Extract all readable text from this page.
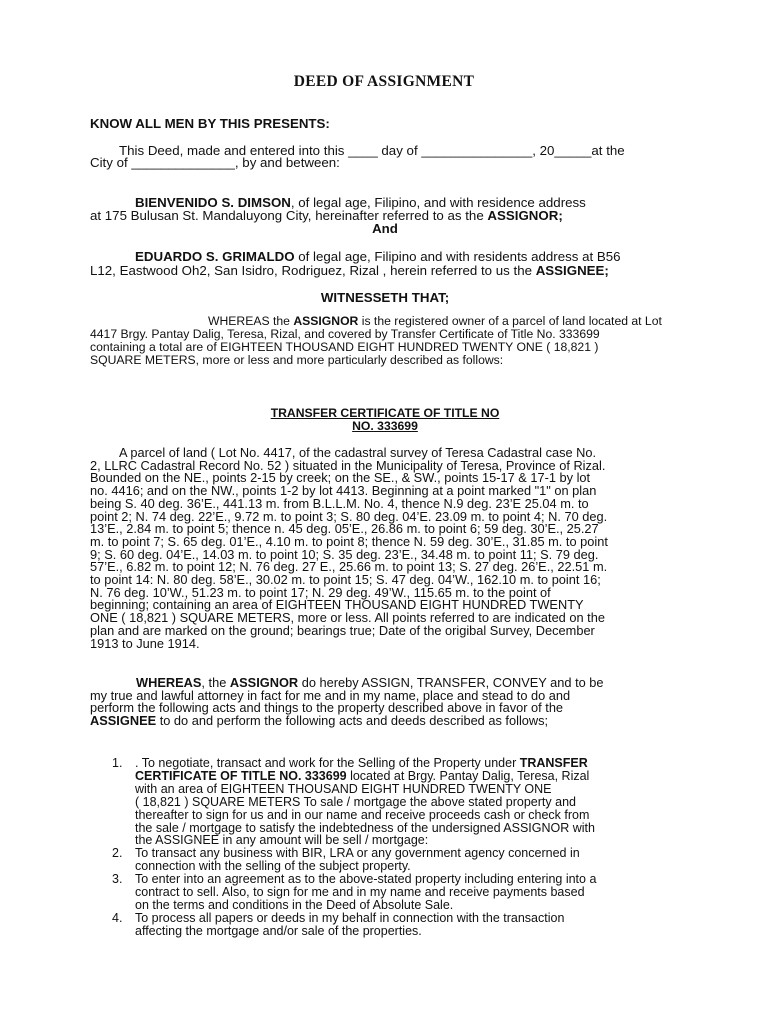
DEED OF ASSIGNMENT
KNOW ALL MEN BY THIS PRESENTS:
This Deed, made and entered into this ____ day of _______________, 20_____at the
City of ______________, by and between:
BIENVENIDO S. DIMSON, of legal age, Filipino, and with residence address
at 175 Bulusan St. Mandaluyong City, hereinafter referred to as the ASSIGNOR;
And
EDUARDO S. GRIMALDO of legal age, Filipino and with residents address at B56
L12, Eastwood Oh2, San Isidro, Rodriguez, Rizal , herein referred to us the ASSIGNEE;
WITNESSETH THAT;
WHEREAS the ASSIGNOR is the registered owner of a parcel of land located at Lot
4417 Brgy. Pantay Dalig, Teresa, Rizal, and covered by Transfer Certificate of Title No. 333699
containing a total are of EIGHTEEN THOUSAND EIGHT HUNDRED TWENTY ONE ( 18,821 )
SQUARE METERS, more or less and more particularly described as follows:
TRANSFER CERTIFICATE OF TITLE NO
NO. 333699
A parcel of land ( Lot No. 4417, of the cadastral survey of Teresa Cadastral case No.
2, LLRC Cadastral Record No. 52 ) situated in the Municipality of Teresa, Province of Rizal.
Bounded on the NE., points 2-15 by creek; on the SE., & SW., points 15-17 & 17-1 by lot
no. 4416; and on the NW., points 1-2 by lot 4413. Beginning at a point marked "1" on plan
being S. 40 deg. 36’E., 441.13 m. from B.L.L.M. No. 4, thence N.9 deg. 23’E 25.04 m. to
point 2; N. 74 deg. 22’E., 9.72 m. to point 3; S. 80 deg. 04’E. 23.09 m. to point 4; N. 70 deg.
13’E., 2.84 m. to point 5; thence n. 45 deg. 05’E., 26.86 m. to point 6; 59 deg. 30’E., 25.27
m. to point 7; S. 65 deg. 01’E., 4.10 m. to point 8; thence N. 59 deg. 30’E., 31.85 m. to point
9; S. 60 deg. 04’E., 14.03 m. to point 10; S. 35 deg. 23’E., 34.48 m. to point 11; S. 79 deg.
57’E., 6.82 m. to point 12; N. 76 deg. 27 E., 25.66 m. to point 13; S. 27 deg. 26’E., 22.51 m.
to point 14: N. 80 deg. 58’E., 30.02 m. to point 15; S. 47 deg. 04’W., 162.10 m. to point 16;
N. 76 deg. 10’W., 51.23 m. to point 17; N. 29 deg. 49’W., 115.65 m. to the point of
beginning; containing an area of EIGHTEEN THOUSAND EIGHT HUNDRED TWENTY
ONE ( 18,821 ) SQUARE METERS, more or less. All points referred to are indicated on the
plan and are marked on the ground; bearings true; Date of the origibal Survey, December
1913 to June 1914.
WHEREAS, the ASSIGNOR do hereby ASSIGN, TRANSFER, CONVEY and to be
my true and lawful attorney in fact for me and in my name, place and stead to do and
perform the following acts and things to the property described above in favor of the
ASSIGNEE to do and perform the following acts and deeds described as follows;
1. . To negotiate, transact and work for the Selling of the Property under TRANSFER
CERTIFICATE OF TITLE NO. 333699 located at Brgy. Pantay Dalig, Teresa, Rizal
with an area of EIGHTEEN THOUSAND EIGHT HUNDRED TWENTY ONE
( 18,821 ) SQUARE METERS To sale / mortgage the above stated property and
thereafter to sign for us and in our name and receive proceeds cash or check from
the sale / mortgage to satisfy the indebtedness of the undersigned ASSIGNOR with
the ASSIGNEE in any amount will be sell / mortgage:
2. To transact any business with BIR, LRA or any government agency concerned in
connection with the selling of the subject property.
3. To enter into an agreement as to the above-stated property including entering into a
contract to sell. Also, to sign for me and in my name and receive payments based
on the terms and conditions in the Deed of Absolute Sale.
4. To process all papers or deeds in my behalf in connection with the transaction
affecting the mortgage and/or sale of the properties.
